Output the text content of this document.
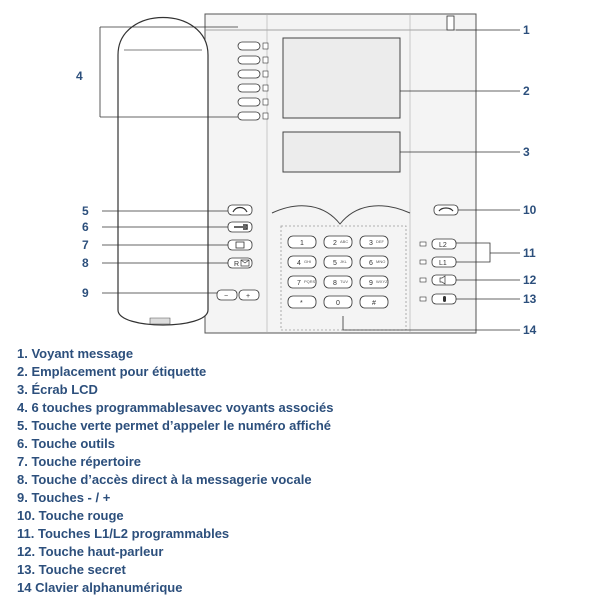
R
−	+
L2
L1
1	2 ABC	3 DEF
4 GHI	5 JKL	6 MNO
7 PQRS	8 TUV	9 WXYZ
*	0	#
1
2
3
4
5
6
7
8
9
10
11
12
13
14
1. Voyant message
2. Emplacement pour étiquette
3. Écrab LCD
4. 6 touches programmablesavec voyants associés
5. Touche verte permet d’appeler le numéro affiché
6. Touche outils
7. Touche répertoire
8. Touche d’accès direct à la messagerie vocale
9. Touches - / +
10. Touche rouge
11. Touches L1/L2 programmables
12. Touche haut-parleur
13. Touche secret
14 Clavier alphanumérique
